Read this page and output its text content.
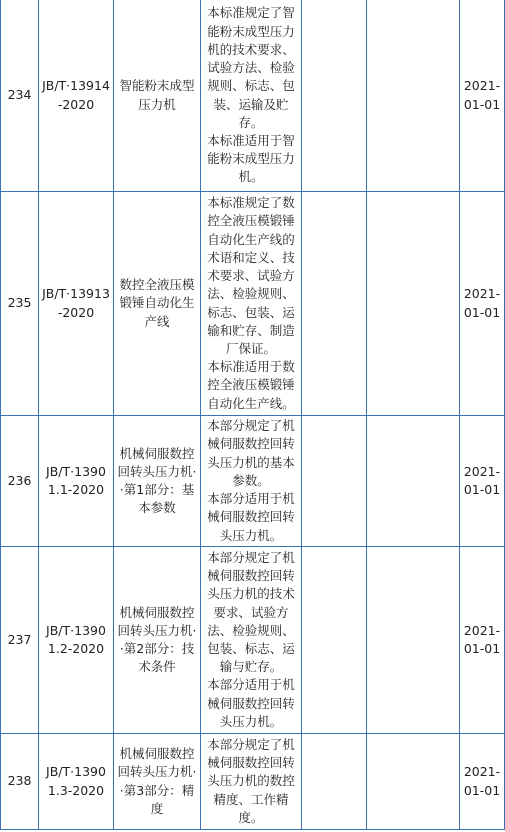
234	JB/T·13914-2020	智能粉末成型压力机	本标准规定了智能粉末成型压力机的技术要求、试验方法、检验规则、标志、包装、运输及贮存。
本标准适用于智能粉末成型压力机。			2021-01-01
235	JB/T·13913-2020	数控全液压模锻锤自动化生产线	本标准规定了数控全液压模锻锤自动化生产线的术语和定义、技术要求、试验方法、检验规则、标志、包装、运输和贮存、制造厂保证。
本标准适用于数控全液压模锻锤自动化生产线。			2021-01-01
236	JB/T·13901.1-2020	机械伺服数控回转头压力机··第1部分：基本参数	本部分规定了机械伺服数控回转头压力机的基本参数。
本部分适用于机械伺服数控回转头压力机。			2021-01-01
237	JB/T·13901.2-2020	机械伺服数控回转头压力机··第2部分：技术条件	本部分规定了机械伺服数控回转头压力机的技术要求、试验方法、检验规则、包装、标志、运输与贮存。
本部分适用于机械伺服数控回转头压力机。			2021-01-01
238	JB/T·13901.3-2020	机械伺服数控回转头压力机··第3部分：精度	本部分规定了机械伺服数控回转头压力机的数控精度、工作精度。			2021-01-01
